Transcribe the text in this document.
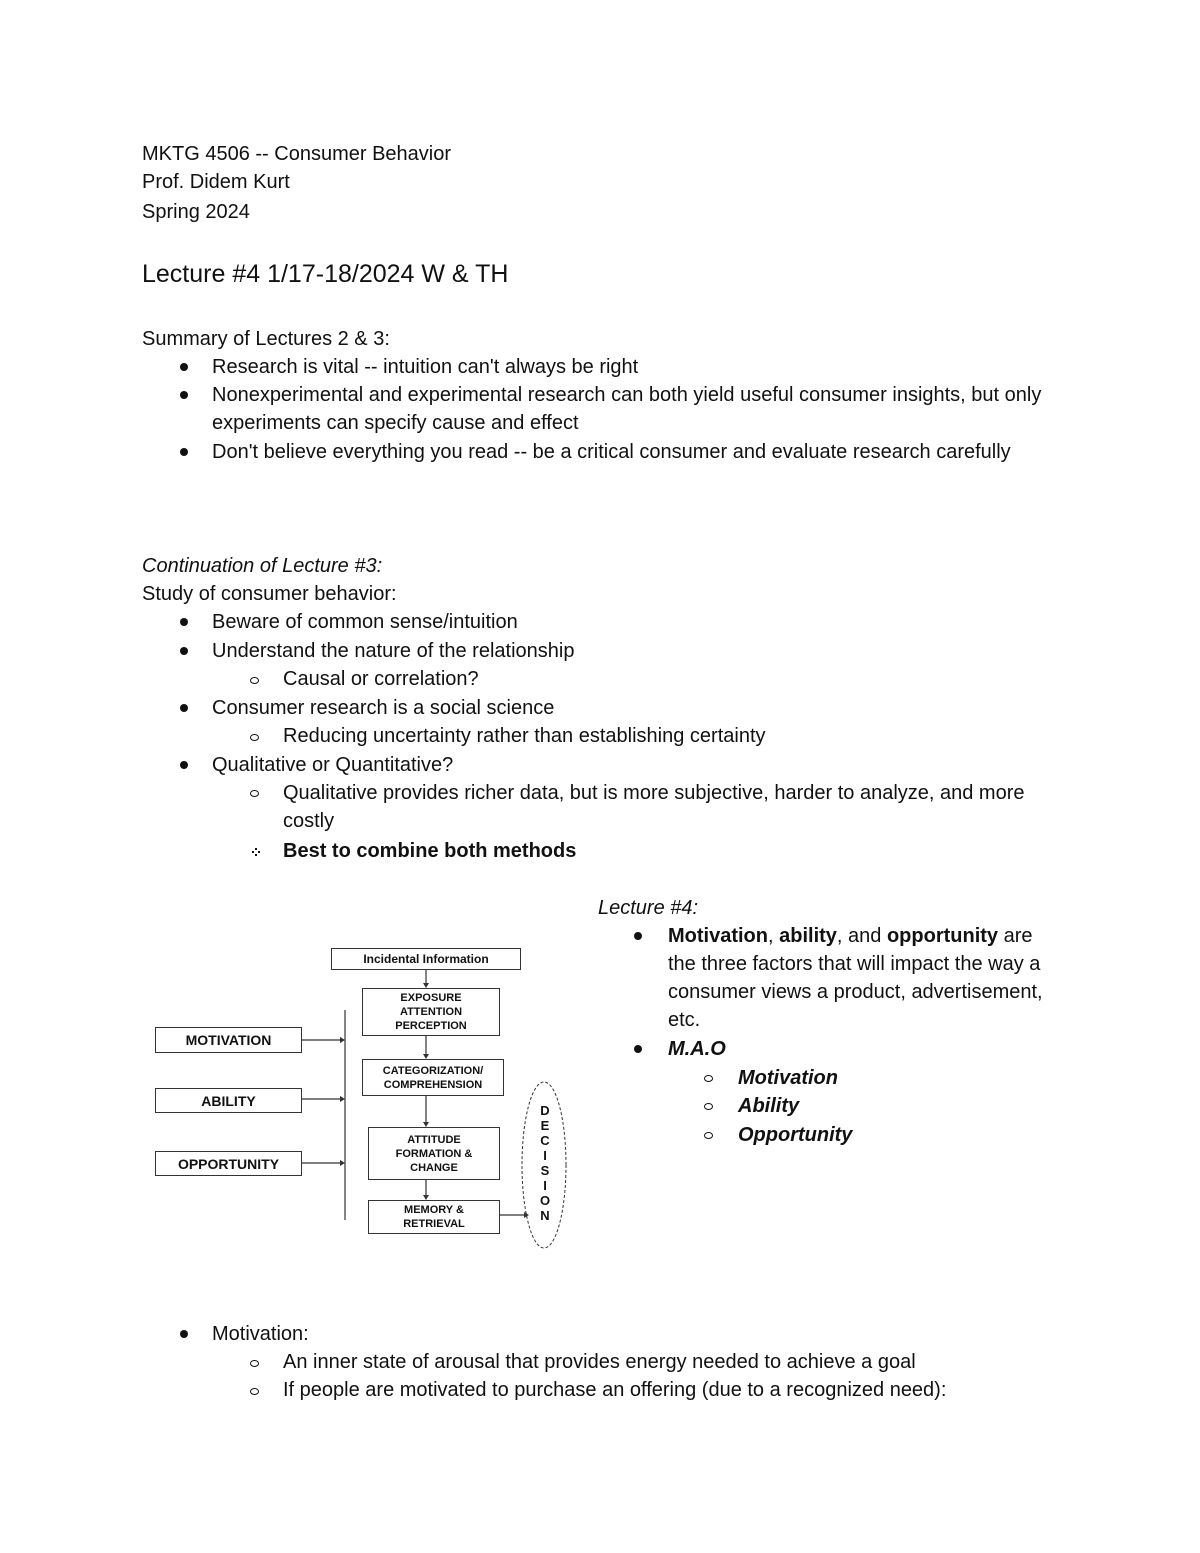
MKTG 4506 -- Consumer Behavior
Prof. Didem Kurt
Spring 2024
Lecture #4 1/17-18/2024 W & TH
Summary of Lectures 2 & 3:
Research is vital -- intuition can't always be right
Nonexperimental and experimental research can both yield useful consumer insights, but only experiments can specify cause and effect
Don't believe everything you read -- be a critical consumer and evaluate research carefully
Continuation of Lecture #3:
Study of consumer behavior:
Beware of common sense/intuition
Understand the nature of the relationship
Causal or correlation?
Consumer research is a social science
Reducing uncertainty rather than establishing certainty
Qualitative or Quantitative?
Qualitative provides richer data, but is more subjective, harder to analyze, and more costly
Best to combine both methods
MOTIVATION
ABILITY
OPPORTUNITY
Incidental Information
EXPOSURE
ATTENTION
PERCEPTION
CATEGORIZATION/
COMPREHENSION
ATTITUDE
FORMATION &
CHANGE
MEMORY &
RETRIEVAL
D
E
C
I
S
I
O
N
Lecture #4:
Motivation, ability, and opportunity are the three factors that will impact the way a consumer views a product, advertisement, etc.
M.A.O
Motivation
Ability
Opportunity
Motivation:
An inner state of arousal that provides energy needed to achieve a goal
If people are motivated to purchase an offering (due to a recognized need):
